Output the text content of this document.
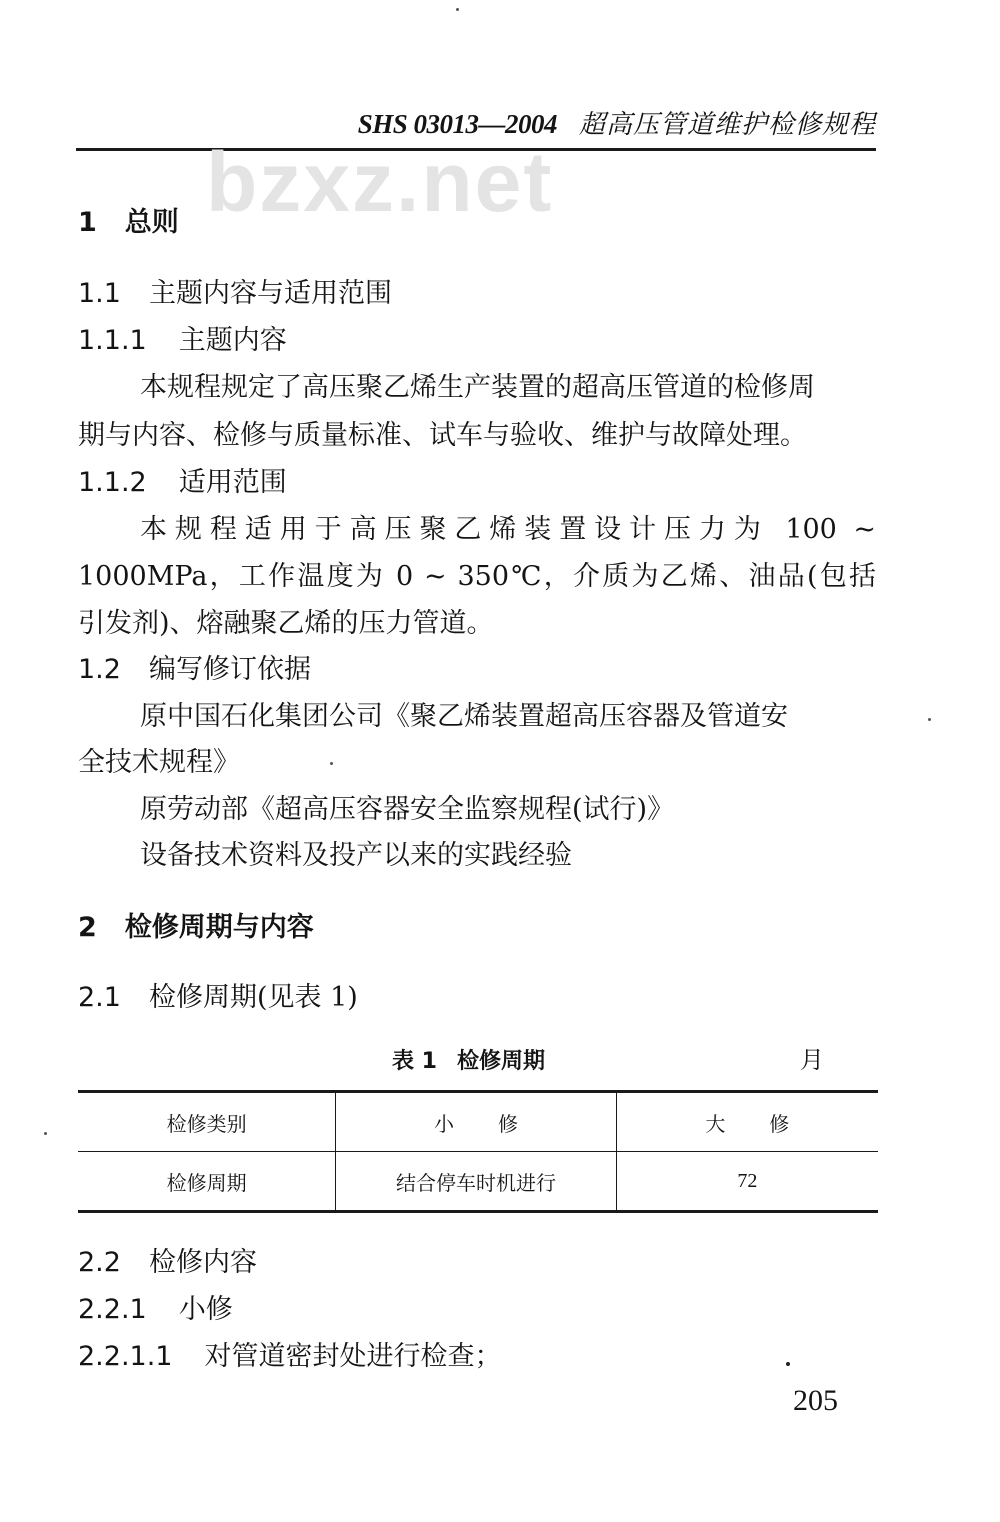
SHS 03013—2004 超高压管道维护检修规程
bzxz.net
1 总则
1.1 主题内容与适用范围
1.1.1 主题内容
本规程规定了高压聚乙烯生产装置的超高压管道的检修周
期与内容、检修与质量标准、试车与验收、维护与故障处理。
1.1.2 适用范围
本规程适用于高压聚乙烯装置设计压力为 100 ~
1000MPa，工作温度为 0 ~ 350℃，介质为乙烯、油品(包括
引发剂)、熔融聚乙烯的压力管道。
1.2 编写修订依据
原中国石化集团公司《聚乙烯装置超高压容器及管道安
全技术规程》
原劳动部《超高压容器安全监察规程(试行)》
设备技术资料及投产以来的实践经验
2 检修周期与内容
2.1 检修周期(见表 1)
表 1 检修周期	月
检修类别	小修	大修
检修周期	结合停车时机进行	72
2.2 检修内容
2.2.1 小修
2.2.1.1 对管道密封处进行检查；
205
